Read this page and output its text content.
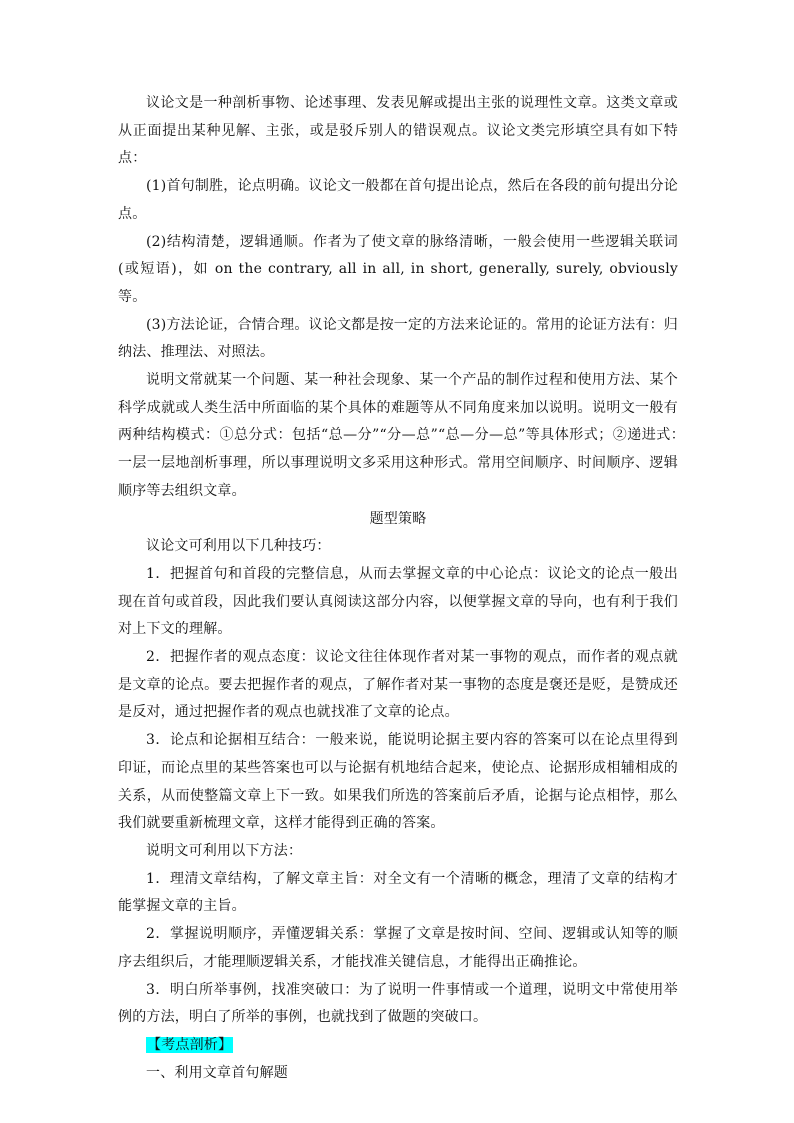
议论文是一种剖析事物、论述事理、发表见解或提出主张的说理性文章。这类文章或从正面提出某种见解、主张，或是驳斥别人的错误观点。议论文类完形填空具有如下特点：

(1)首句制胜，论点明确。议论文一般都在首句提出论点，然后在各段的前句提出分论点。

(2)结构清楚，逻辑通顺。作者为了使文章的脉络清晰，一般会使用一些逻辑关联词(或短语)，如 on the contrary, all in all, in short, generally, surely, obviously 等。

(3)方法论证，合情合理。议论文都是按一定的方法来论证的。常用的论证方法有：归纳法、推理法、对照法。

说明文常就某一个问题、某一种社会现象、某一个产品的制作过程和使用方法、某个科学成就或人类生活中所面临的某个具体的难题等从不同角度来加以说明。说明文一般有两种结构模式：①总分式：包括“总—分”“分—总”“总—分—总”等具体形式；②递进式：　一层一层地剖析事理，所以事理说明文多采用这种形式。常用空间顺序、时间顺序、逻辑顺序等去组织文章。

题型策略

议论文可利用以下几种技巧：

1．把握首句和首段的完整信息，从而去掌握文章的中心论点：议论文的论点一般出现在首句或首段，因此我们要认真阅读这部分内容，以便掌握文章的导向，也有利于我们对上下文的理解。

2．把握作者的观点态度：议论文往往体现作者对某一事物的观点，而作者的观点就是文章的论点。要去把握作者的观点，了解作者对某一事物的态度是褒还是贬，是赞成还是反对，通过把握作者的观点也就找准了文章的论点。

3．论点和论据相互结合：一般来说，能说明论据主要内容的答案可以在论点里得到印证，而论点里的某些答案也可以与论据有机地结合起来，使论点、论据形成相辅相成的关系，从而使整篇文章上下一致。如果我们所选的答案前后矛盾，论据与论点相悖，那么我们就要重新梳理文章，这样才能得到正确的答案。

说明文可利用以下方法：

1．理清文章结构，了解文章主旨：对全文有一个清晰的概念，理清了文章的结构才能掌握文章的主旨。

2．掌握说明顺序，弄懂逻辑关系：掌握了文章是按时间、空间、逻辑或认知等的顺序去组织后，才能理顺逻辑关系，才能找准关键信息，才能得出正确推论。

3．明白所举事例，找准突破口：为了说明一件事情或一个道理，说明文中常使用举例的方法，明白了所举的事例，也就找到了做题的突破口。

【考点剖析】

一、利用文章首句解题
